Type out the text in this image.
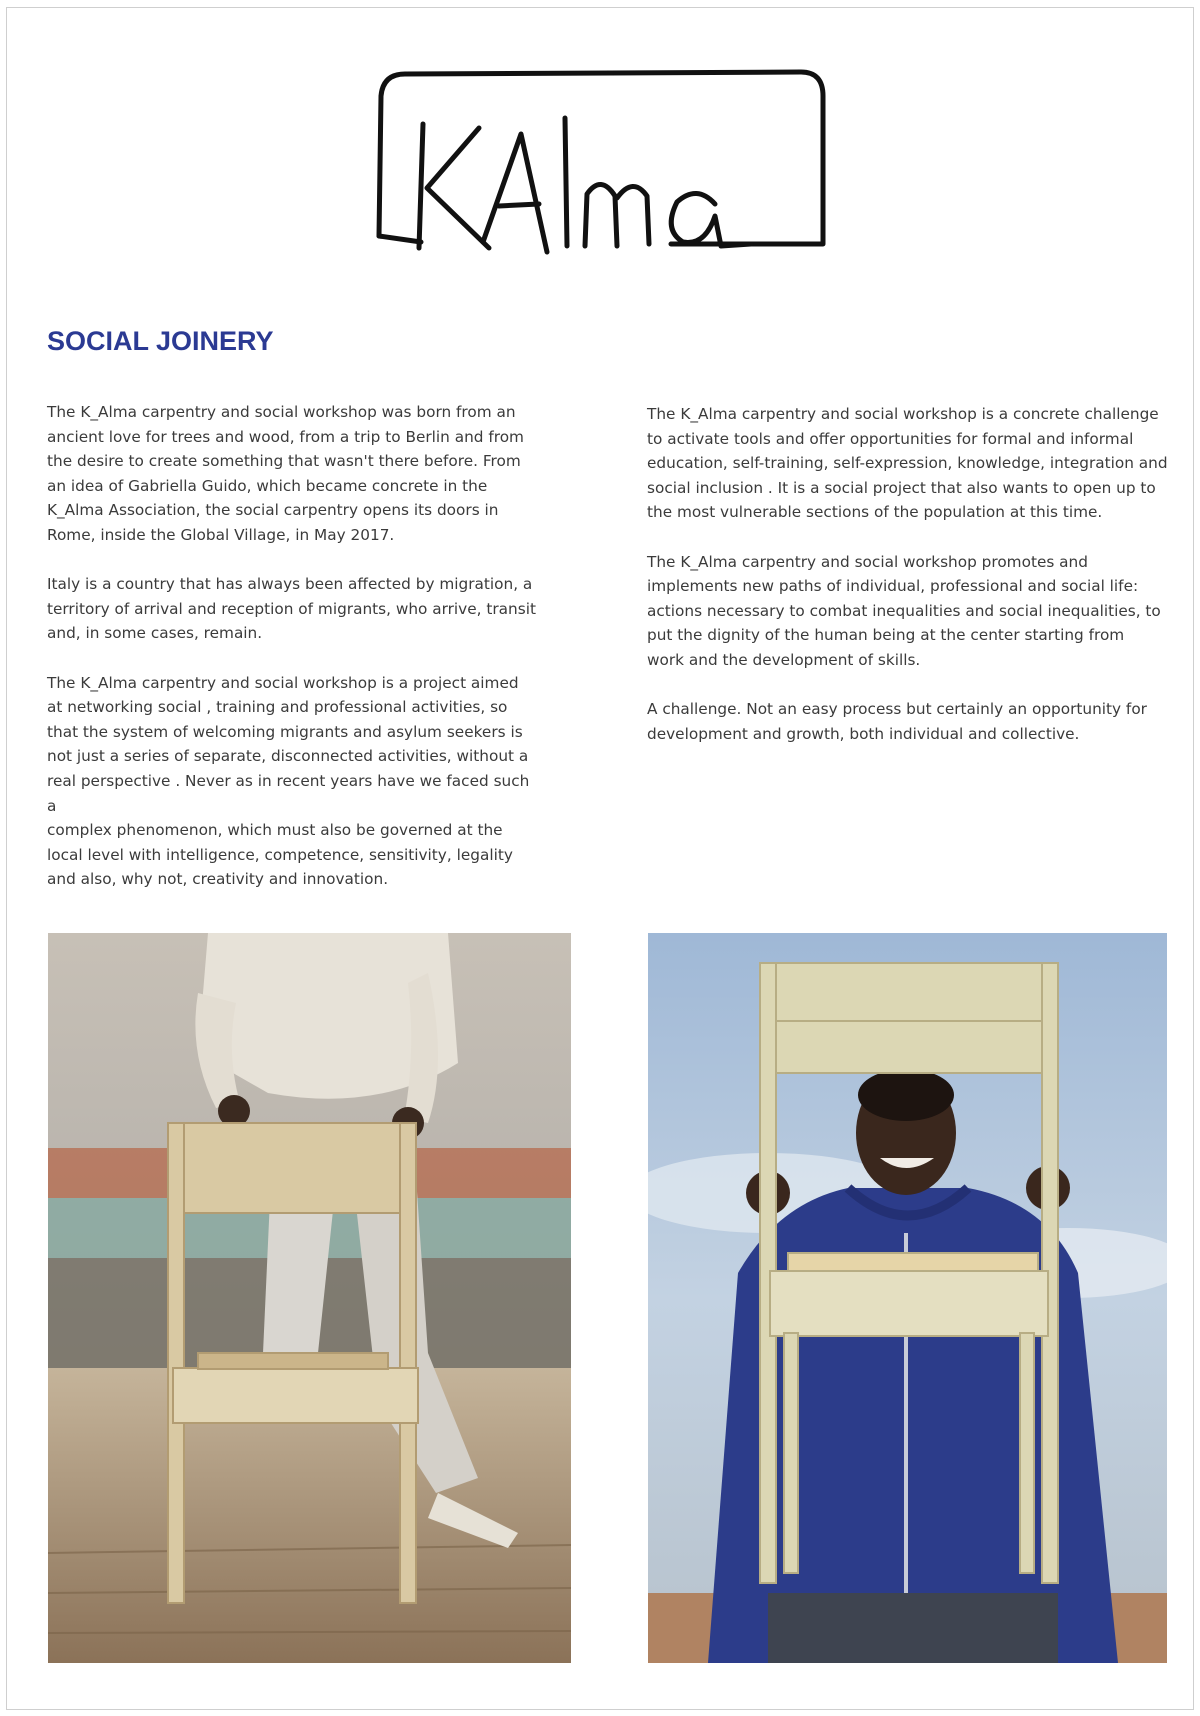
SOCIAL JOINERY

The K_Alma carpentry and social workshop was born from an
ancient love for trees and wood, from a trip to Berlin and from
the desire to create something that wasn't there before. From
an idea of Gabriella Guido, which became concrete in the
K_Alma Association, the social carpentry opens its doors in
Rome, inside the Global Village, in May 2017.

Italy is a country that has always been affected by migration, a
territory of arrival and reception of migrants, who arrive, transit
and, in some cases, remain.

The K_Alma carpentry and social workshop is a project aimed
at networking social , training and professional activities, so
that the system of welcoming migrants and asylum seekers is
not just a series of separate, disconnected activities, without a
real perspective . Never as in recent years have we faced such a
complex phenomenon, which must also be governed at the
local level with intelligence, competence, sensitivity, legality
and also, why not, creativity and innovation.

The K_Alma carpentry and social workshop is a concrete challenge
to activate tools and offer opportunities for formal and informal
education, self-training, self-expression, knowledge, integration and
social inclusion . It is a social project that also wants to open up to
the most vulnerable sections of the population at this time.

The K_Alma carpentry and social workshop promotes and
implements new paths of individual, professional and social life:
actions necessary to combat inequalities and social inequalities, to
put the dignity of the human being at the center starting from
work and the development of skills.

A challenge. Not an easy process but certainly an opportunity for
development and growth, both individual and collective.
